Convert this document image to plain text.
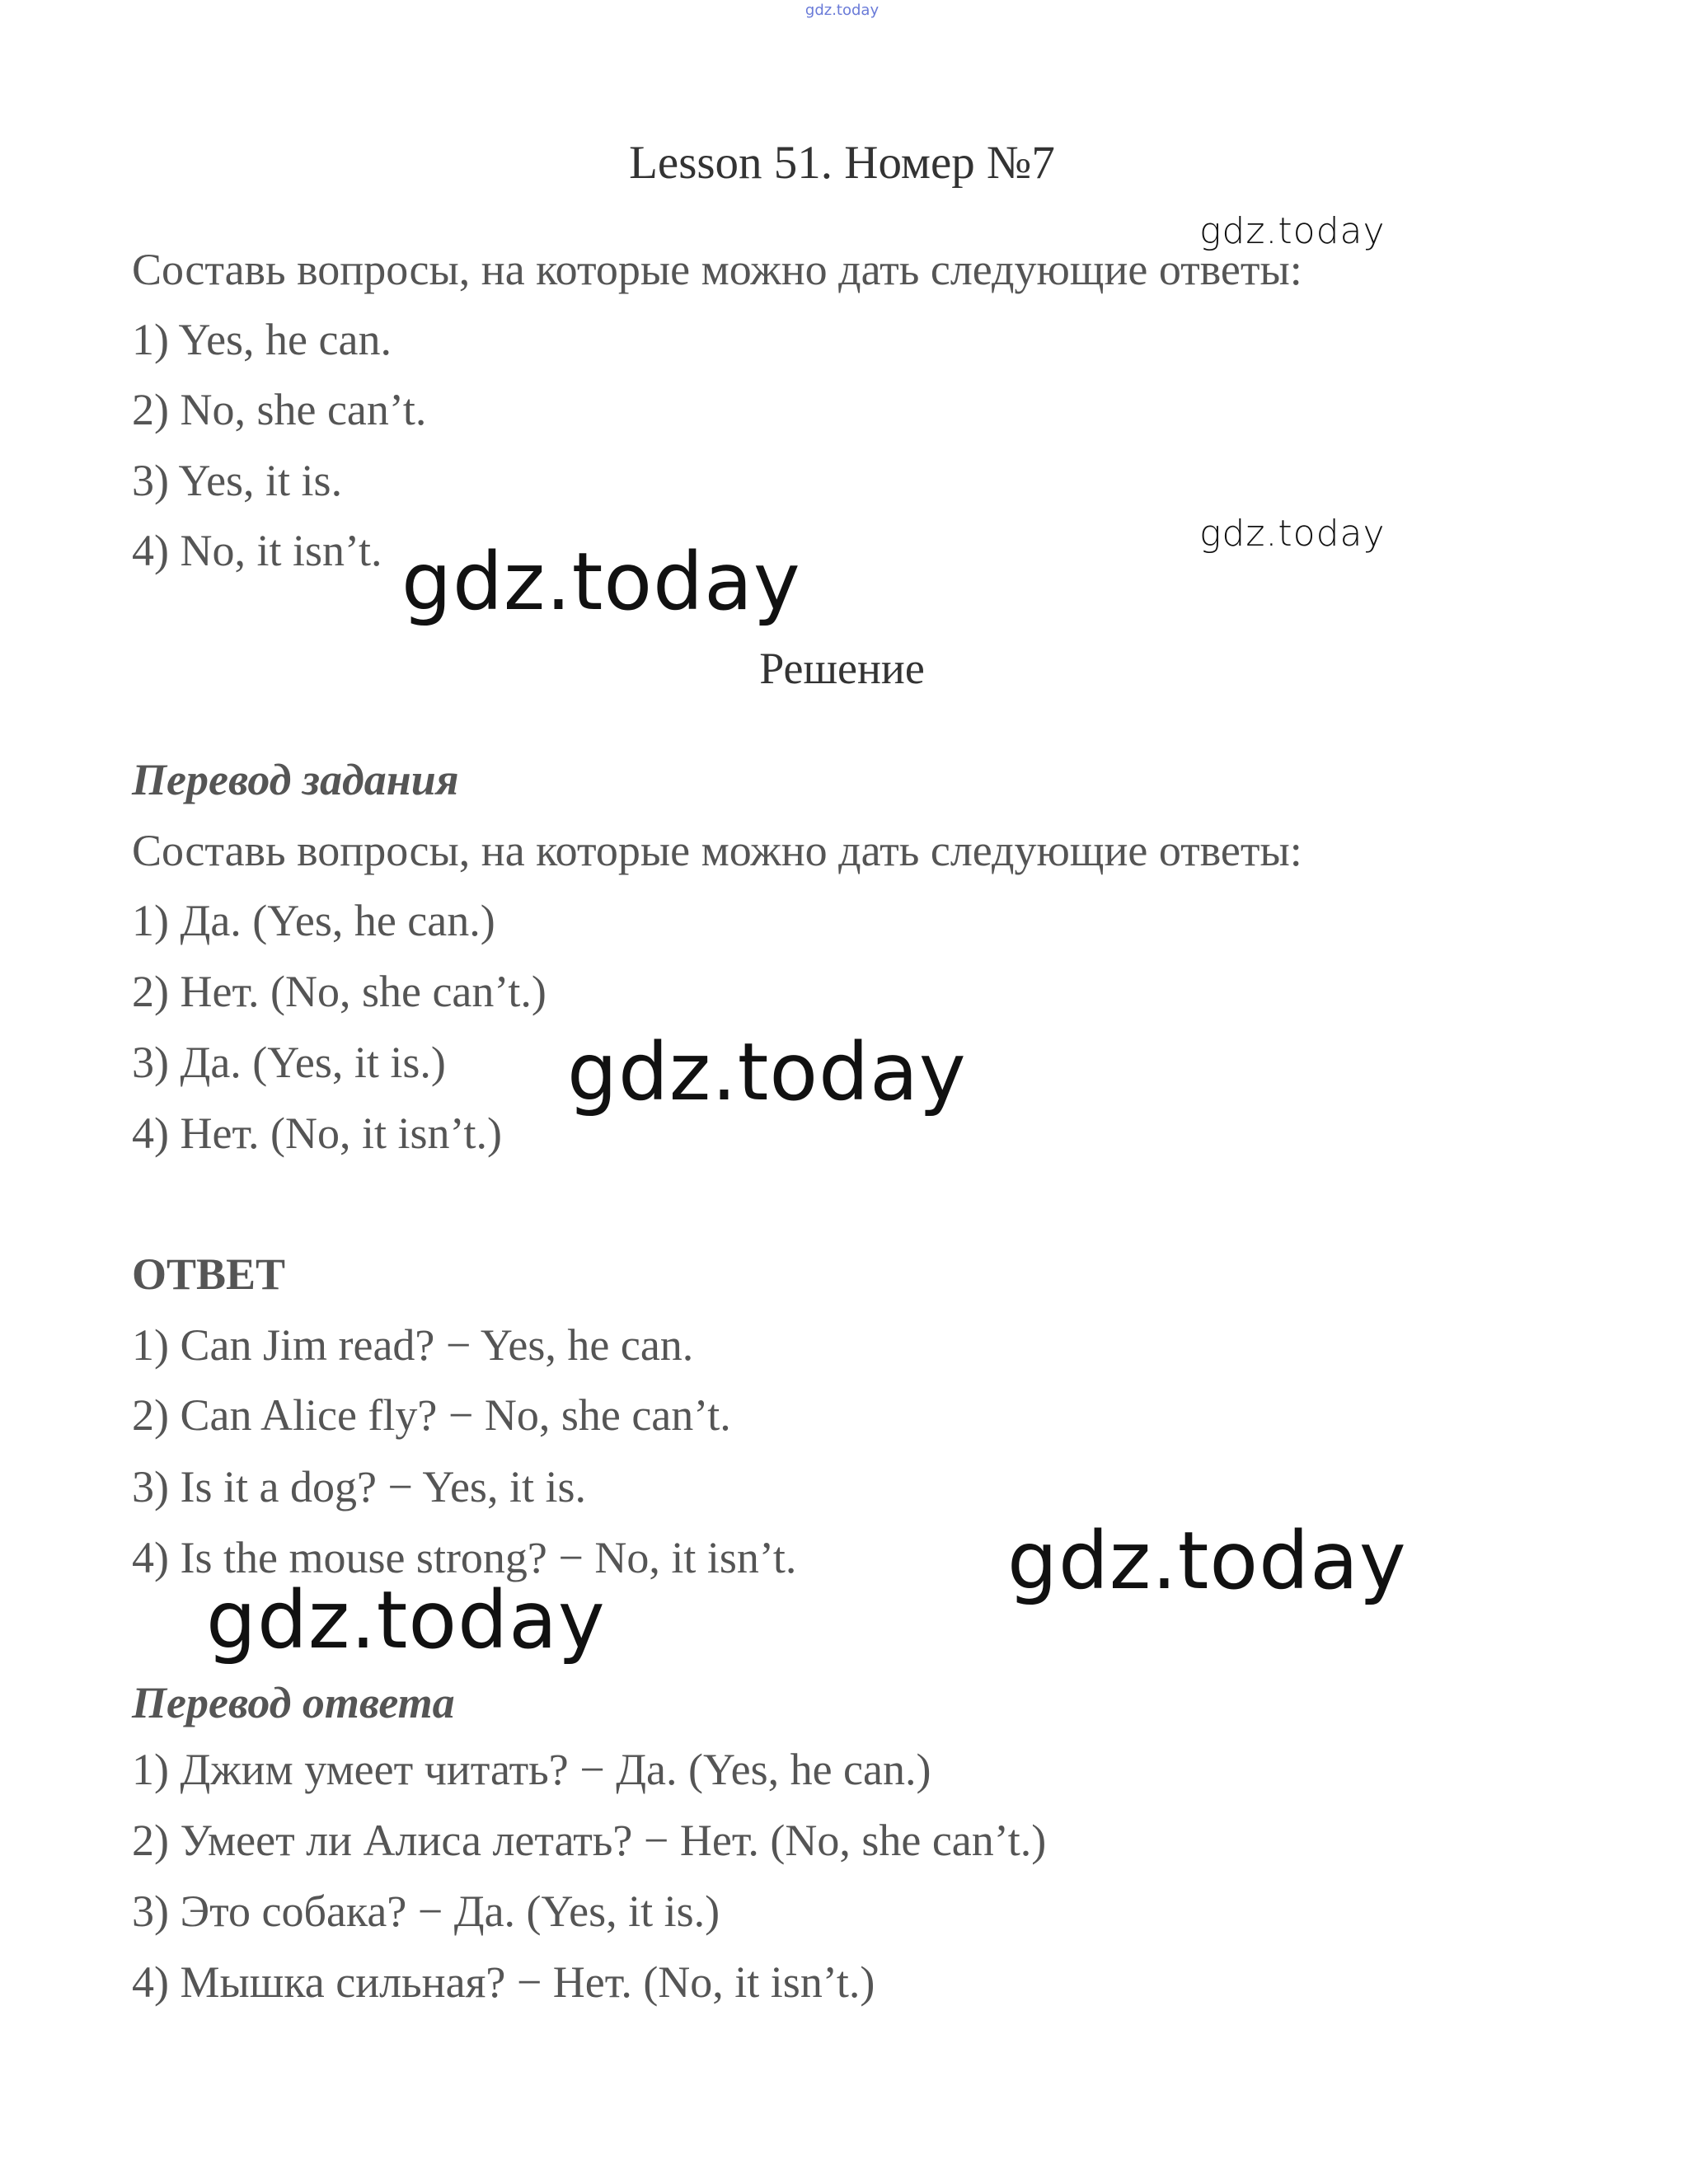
gdz.today
Lesson 51. Номер №7
Составь вопросы, на которые можно дать следующие ответы:
1) Yes, he can.
2) No, she can’t.
3) Yes, it is.
4) No, it isn’t.
Решение
Перевод задания
Составь вопросы, на которые можно дать следующие ответы:
1) Да. (Yes, he can.)
2) Нет. (No, she can’t.)
3) Да. (Yes, it is.)
4) Нет. (No, it isn’t.)
ОТВЕТ
1) Can Jim read? − Yes, he can.
2) Can Alice fly? − No, she can’t.
3) Is it a dog? − Yes, it is.
4) Is the mouse strong? − No, it isn’t.
Перевод ответа
1) Джим умеет читать? − Да. (Yes, he can.)
2) Умеет ли Алиса летать? − Нет. (No, she can’t.)
3) Это собака? − Да. (Yes, it is.)
4) Мышка сильная? − Нет. (No, it isn’t.)
gdz.today
gdz.today
gdz.today
gdz.today
gdz.today
gdz.today
